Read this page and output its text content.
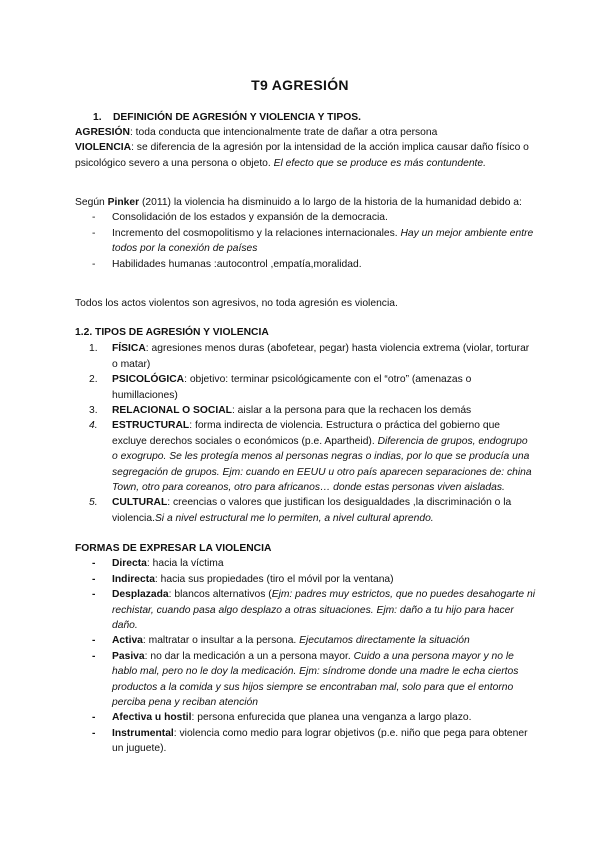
T9 AGRESIÓN
1. DEFINICIÓN DE AGRESIÓN Y VIOLENCIA Y TIPOS.

AGRESIÓN: toda conducta que intencionalmente trate de dañar a otra persona

VIOLENCIA: se diferencia de la agresión por la intensidad de la acción implica causar daño físico o psicológico severo a una persona o objeto. El efecto que se produce es más contundente.

Según Pinker (2011) la violencia ha disminuido a lo largo de la historia de la humanidad debido a:

- Consolidación de los estados y expansión de la democracia.
- Incremento del cosmopolitismo y la relaciones internacionales. Hay un mejor ambiente entre todos por la conexión de países
- Habilidades humanas :autocontrol ,empatía,moralidad.

Todos los actos violentos son agresivos, no toda agresión es violencia.

1.2. TIPOS DE AGRESIÓN Y VIOLENCIA

1. FÍSICA: agresiones menos duras (abofetear, pegar) hasta violencia extrema (violar, torturar o matar)
2. PSICOLÓGICA: objetivo: terminar psicológicamente con el “otro” (amenazas o humillaciones)
3. RELACIONAL O SOCIAL: aislar a la persona para que la rechacen los demás
4. ESTRUCTURAL: forma indirecta de violencia. Estructura o práctica del gobierno que excluye derechos sociales o económicos (p.e. Apartheid). Diferencia de grupos, endogrupo o exogrupo. Se les protegía menos al personas negras o indias, por lo que se producía una segregación de grupos. Ejm: cuando en EEUU u otro país aparecen separaciones de: china Town, otro para coreanos, otro para africanos… donde estas personas viven aisladas.
5. CULTURAL: creencias o valores que justifican los desigualdades ,la discriminación o la violencia.Si a nivel estructural me lo permiten, a nivel cultural aprendo.

FORMAS DE EXPRESAR LA VIOLENCIA

- Directa: hacia la víctima
- Indirecta: hacia sus propiedades (tiro el móvil por la ventana)
- Desplazada: blancos alternativos (Ejm: padres muy estrictos, que no puedes desahogarte ni rechistar, cuando pasa algo desplazo a otras situaciones. Ejm: daño a tu hijo para hacer daño.
- Activa: maltratar o insultar a la persona. Ejecutamos directamente la situación
- Pasiva: no dar la medicación a un a persona mayor. Cuido a una persona mayor y no le hablo mal, pero no le doy la medicación. Ejm: síndrome donde una madre le echa ciertos productos a la comida y sus hijos siempre se encontraban mal, solo para que el entorno perciba pena y reciban atención
- Afectiva u hostil: persona enfurecida que planea una venganza a largo plazo.
- Instrumental: violencia como medio para lograr objetivos (p.e. niño que pega para obtener un juguete).
